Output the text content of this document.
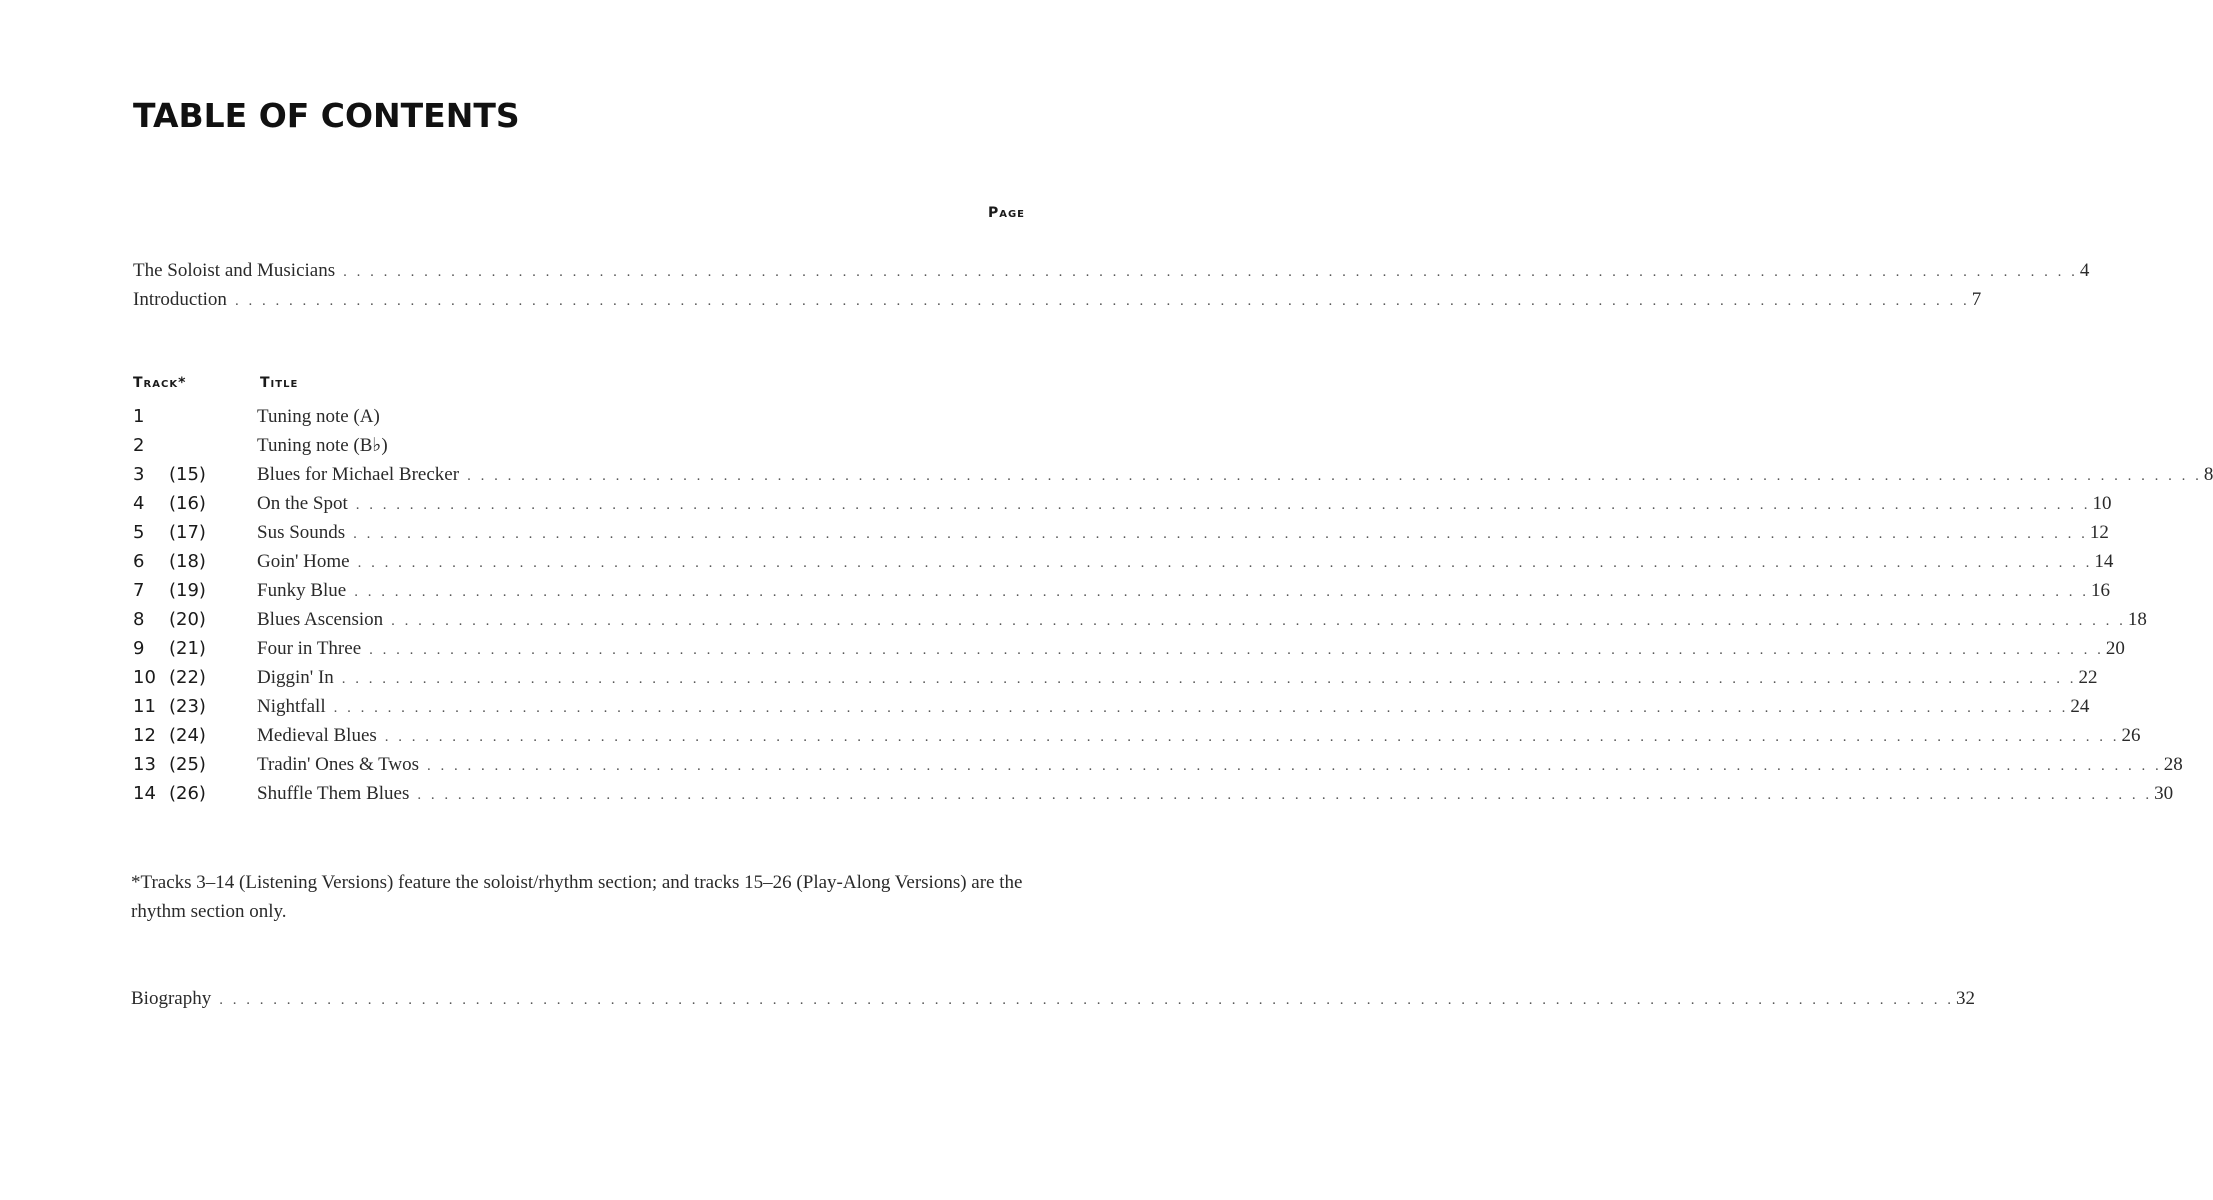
TABLE OF CONTENTS
Page
The Soloist and Musicians . . .	4
Introduction . . .	7
Track*	Title
1	Tuning note (A)
2	Tuning note (B♭)
3 (15)	Blues for Michael Brecker . . .	8
4 (16)	On the Spot . . .	10
5 (17)	Sus Sounds . . .	12
6 (18)	Goin' Home . . .	14
7 (19)	Funky Blue . . .	16
8 (20)	Blues Ascension . . .	18
9 (21)	Four in Three . . .	20
10 (22)	Diggin' In . . .	22
11 (23)	Nightfall . . .	24
12 (24)	Medieval Blues . . .	26
13 (25)	Tradin' Ones & Twos . . .	28
14 (26)	Shuffle Them Blues . . .	30

*Tracks 3–14 (Listening Versions) feature the soloist/rhythm section; and tracks 15–26 (Play-Along Versions) are the rhythm section only.

Biography . . .	32
